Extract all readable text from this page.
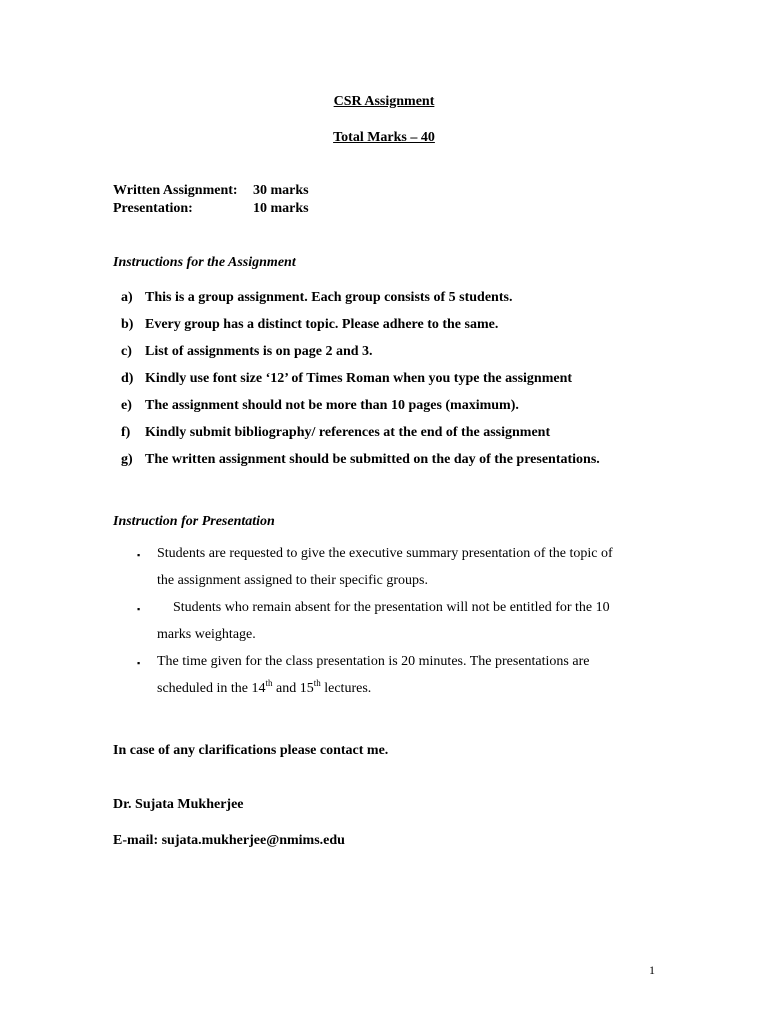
CSR Assignment
Total Marks – 40
Written Assignment: 30 marks
Presentation:	10 marks
Instructions for the Assignment
a) This is a group assignment. Each group consists of 5 students.
b) Every group has a distinct topic. Please adhere to the same.
c) List of assignments is on page 2 and 3.
d) Kindly use font size ‘12’ of Times Roman when you type the assignment
e) The assignment should not be more than 10 pages (maximum).
f) Kindly submit bibliography/ references at the end of the assignment
g) The written assignment should be submitted on the day of the presentations.
Instruction for Presentation
▪ Students are requested to give the executive summary presentation of the topic of
the assignment assigned to their specific groups.
▪ Students who remain absent for the presentation will not be entitled for the 10
marks weightage.
▪ The time given for the class presentation is 20 minutes. The presentations are
scheduled in the 14th and 15th lectures.
In case of any clarifications please contact me.
Dr. Sujata Mukherjee
E-mail: sujata.mukherjee@nmims.edu
1
